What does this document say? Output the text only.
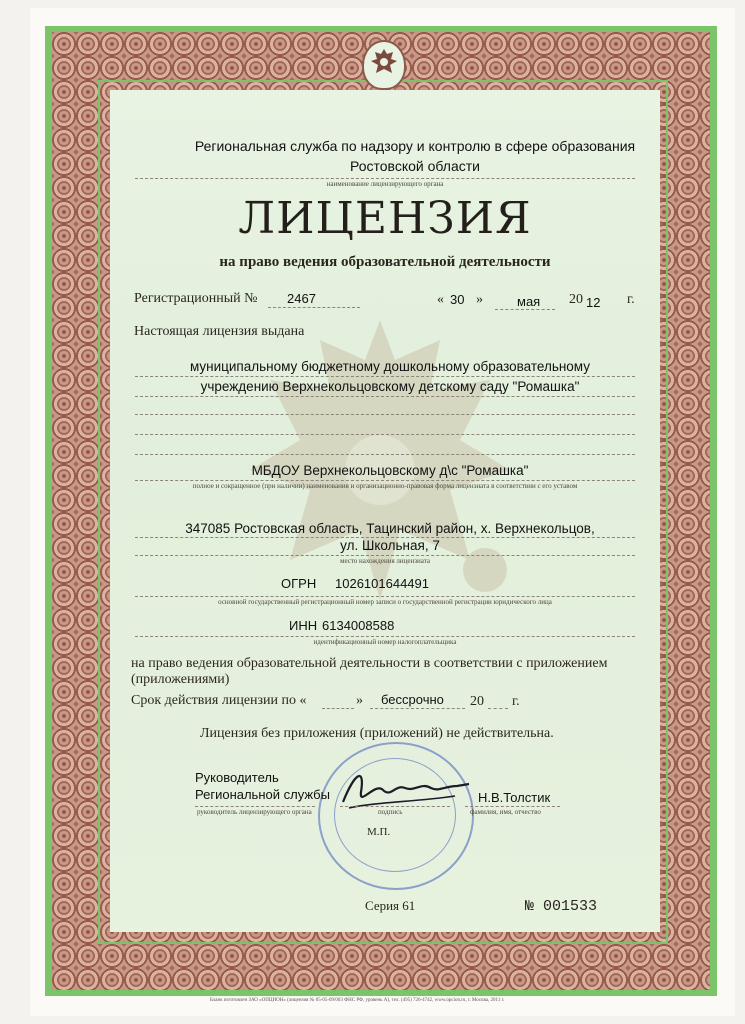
Региональная служба по надзору и контролю в сфере образования
Ростовской области
наименование лицензирующего органа
ЛИЦЕНЗИЯ
на право ведения образовательной деятельности
Регистрационный № 2467	« 30 »	мая 20 12 г.
Настоящая лицензия выдана
муниципальному бюджетному дошкольному образовательному
учреждению Верхнекольцовскому детскому саду "Ромашка"
МБДОУ Верхнекольцовскому д\с "Ромашка"
полное и сокращенное (при наличии) наименования и организационно-правовая форма лицензиата в соответствии с его уставом
347085 Ростовская область, Тацинский район, х. Верхнекольцов,
ул. Школьная, 7
место нахождения лицензиата
ОГРН 1026101644491
основной государственный регистрационный номер записи о государственной регистрации юридического лица
ИНН 6134008588
идентификационный номер налогоплательщика
на право ведения образовательной деятельности в соответствии с приложением
(приложениями)
Срок действия лицензии по «	» бессрочно 20 г.
Лицензия без приложения (приложений) не действительна.
Руководитель
Региональной службы	Н.В.Толстик
руководитель лицензирующего органа	подпись	фамилия, имя, отчество
М.П.
Серия 61	№ 001533
Бланк изготовлен ЗАО «ОПЦИОН» (лицензия № 05-05-09/003 ФНС РФ, уровень А), тел. (495) 726-4742, www.opcion.ru, г. Москва, 2011 г.
